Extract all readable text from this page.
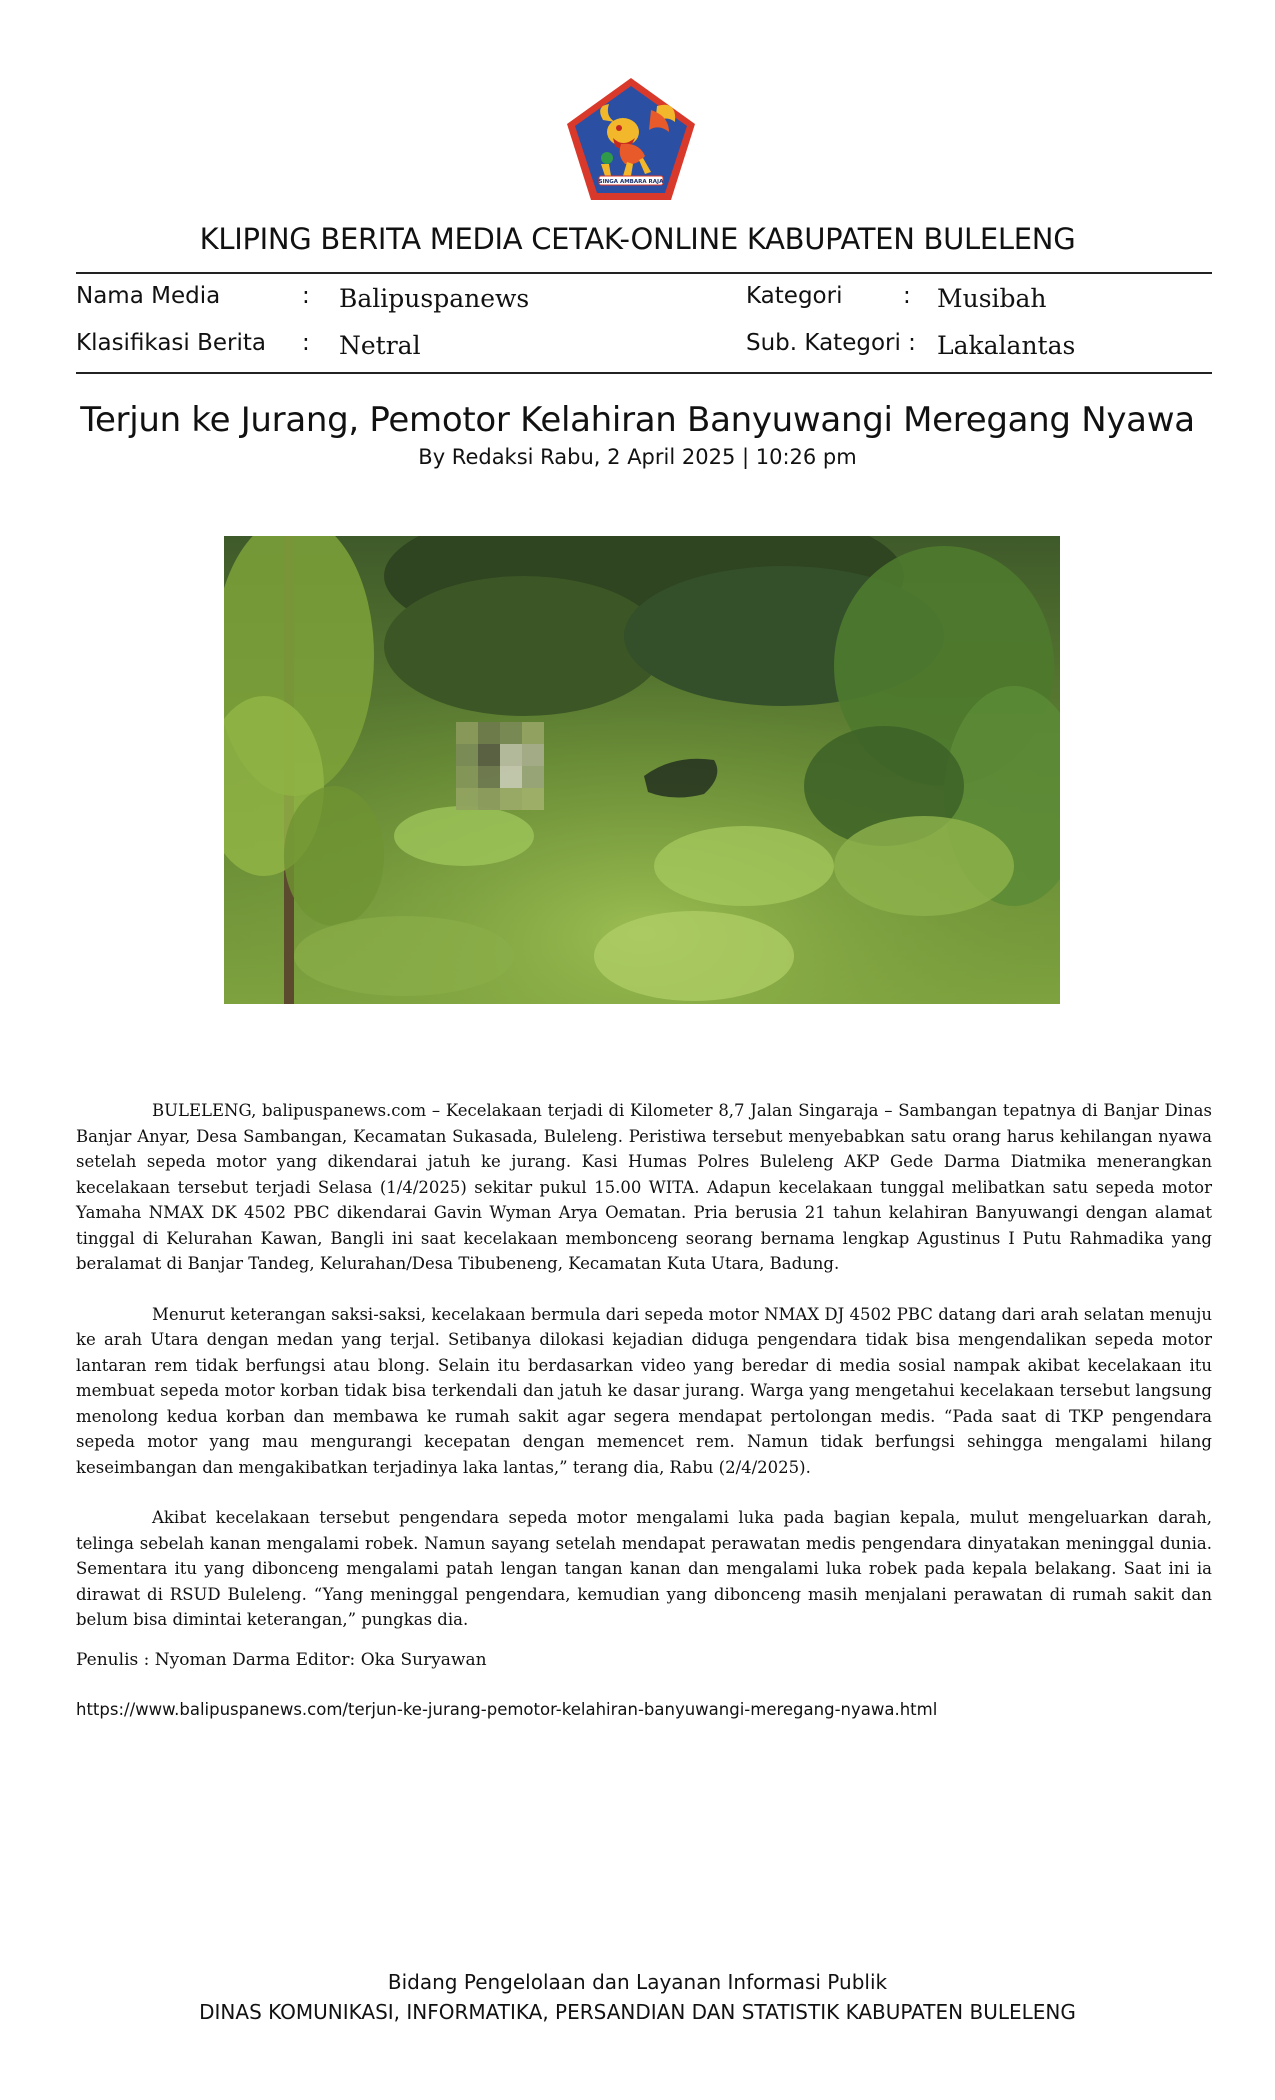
SINGA AMBARA RAJA
KLIPING BERITA MEDIA CETAK-ONLINE KABUPATEN BULELENG
Nama Media	: Balipuspanews	Kategori	: Musibah
Klasifikasi Berita : Netral	Sub. Kategori : Lakalantas
Terjun ke Jurang, Pemotor Kelahiran Banyuwangi Meregang Nyawa
By Redaksi Rabu, 2 April 2025 | 10:26 pm

BULELENG, balipuspanews.com – Kecelakaan terjadi di Kilometer 8,7 Jalan Singaraja – Sambangan tepatnya di Banjar Dinas Banjar Anyar, Desa Sambangan, Kecamatan Sukasada, Buleleng. Peristiwa tersebut menyebabkan satu orang harus kehilangan nyawa setelah sepeda motor yang dikendarai jatuh ke jurang. Kasi Humas Polres Buleleng AKP Gede Darma Diatmika menerangkan kecelakaan tersebut terjadi Selasa (1/4/2025) sekitar pukul 15.00 WITA. Adapun kecelakaan tunggal melibatkan satu sepeda motor Yamaha NMAX DK 4502 PBC dikendarai Gavin Wyman Arya Oematan. Pria berusia 21 tahun kelahiran Banyuwangi dengan alamat tinggal di Kelurahan Kawan, Bangli ini saat kecelakaan membonceng seorang bernama lengkap Agustinus I Putu Rahmadika yang beralamat di Banjar Tandeg, Kelurahan/Desa Tibubeneng, Kecamatan Kuta Utara, Badung.

Menurut keterangan saksi-saksi, kecelakaan bermula dari sepeda motor NMAX DJ 4502 PBC datang dari arah selatan menuju ke arah Utara dengan medan yang terjal. Setibanya dilokasi kejadian diduga pengendara tidak bisa mengendalikan sepeda motor lantaran rem tidak berfungsi atau blong. Selain itu berdasarkan video yang beredar di media sosial nampak akibat kecelakaan itu membuat sepeda motor korban tidak bisa terkendali dan jatuh ke dasar jurang. Warga yang mengetahui kecelakaan tersebut langsung menolong kedua korban dan membawa ke rumah sakit agar segera mendapat pertolongan medis. “Pada saat di TKP pengendara sepeda motor yang mau mengurangi kecepatan dengan memencet rem. Namun tidak berfungsi sehingga mengalami hilang keseimbangan dan mengakibatkan terjadinya laka lantas,” terang dia, Rabu (2/4/2025).

Akibat kecelakaan tersebut pengendara sepeda motor mengalami luka pada bagian kepala, mulut mengeluarkan darah, telinga sebelah kanan mengalami robek. Namun sayang setelah mendapat perawatan medis pengendara dinyatakan meninggal dunia. Sementara itu yang dibonceng mengalami patah lengan tangan kanan dan mengalami luka robek pada kepala belakang. Saat ini ia dirawat di RSUD Buleleng. “Yang meninggal pengendara, kemudian yang dibonceng masih menjalani perawatan di rumah sakit dan belum bisa dimintai keterangan,” pungkas dia.

Penulis : Nyoman Darma Editor: Oka Suryawan
https://www.balipuspanews.com/terjun-ke-jurang-pemotor-kelahiran-banyuwangi-meregang-nyawa.html
Bidang Pengelolaan dan Layanan Informasi Publik
DINAS KOMUNIKASI, INFORMATIKA, PERSANDIAN DAN STATISTIK KABUPATEN BULELENG
